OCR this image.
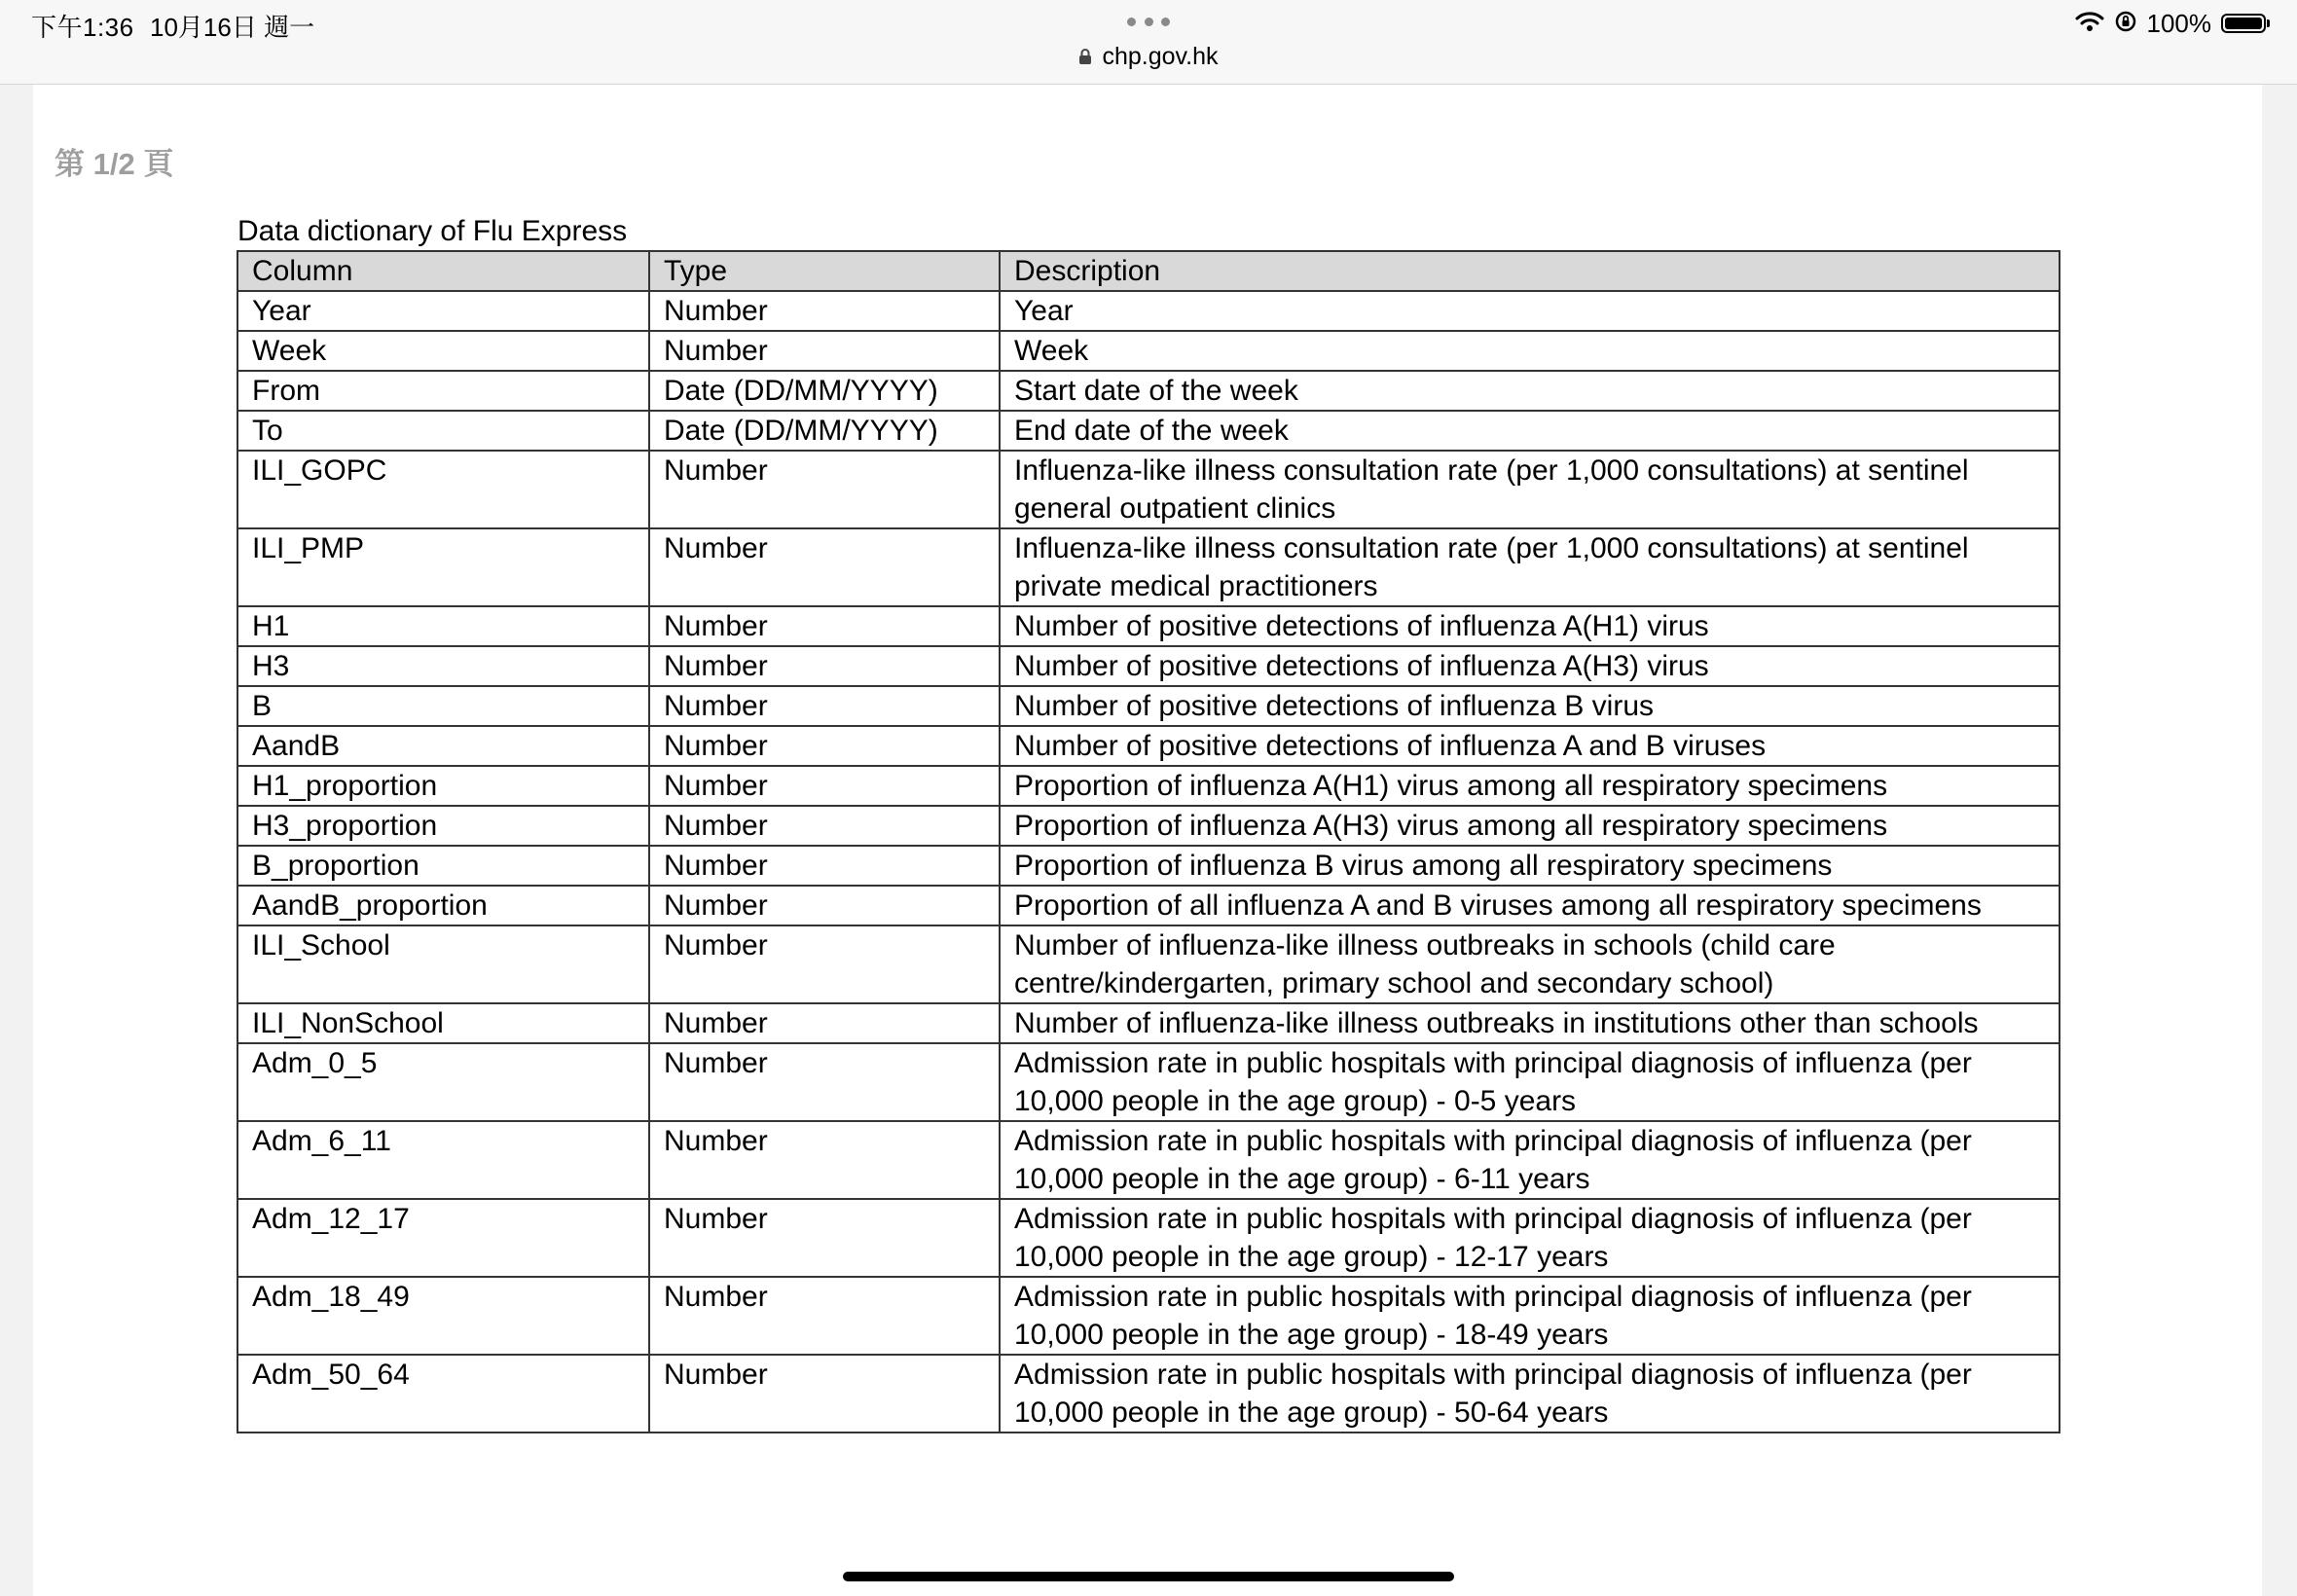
下午1:36 10月16日 週一
chp.gov.hk
100%
第 1/2 頁
Data dictionary of Flu Express
Column	Type	Description
Year	Number	Year
Week	Number	Week
From	Date (DD/MM/YYYY)	Start date of the week
To	Date (DD/MM/YYYY)	End date of the week
ILI_GOPC	Number	Influenza-like illness consultation rate (per 1,000 consultations) at sentinel general outpatient clinics
ILI_PMP	Number	Influenza-like illness consultation rate (per 1,000 consultations) at sentinel private medical practitioners
H1	Number	Number of positive detections of influenza A(H1) virus
H3	Number	Number of positive detections of influenza A(H3) virus
B	Number	Number of positive detections of influenza B virus
AandB	Number	Number of positive detections of influenza A and B viruses
H1_proportion	Number	Proportion of influenza A(H1) virus among all respiratory specimens
H3_proportion	Number	Proportion of influenza A(H3) virus among all respiratory specimens
B_proportion	Number	Proportion of influenza B virus among all respiratory specimens
AandB_proportion	Number	Proportion of all influenza A and B viruses among all respiratory specimens
ILI_School	Number	Number of influenza-like illness outbreaks in schools (child care centre/kindergarten, primary school and secondary school)
ILI_NonSchool	Number	Number of influenza-like illness outbreaks in institutions other than schools
Adm_0_5	Number	Admission rate in public hospitals with principal diagnosis of influenza (per 10,000 people in the age group) - 0-5 years
Adm_6_11	Number	Admission rate in public hospitals with principal diagnosis of influenza (per 10,000 people in the age group) - 6-11 years
Adm_12_17	Number	Admission rate in public hospitals with principal diagnosis of influenza (per 10,000 people in the age group) - 12-17 years
Adm_18_49	Number	Admission rate in public hospitals with principal diagnosis of influenza (per 10,000 people in the age group) - 18-49 years
Adm_50_64	Number	Admission rate in public hospitals with principal diagnosis of influenza (per 10,000 people in the age group) - 50-64 years
